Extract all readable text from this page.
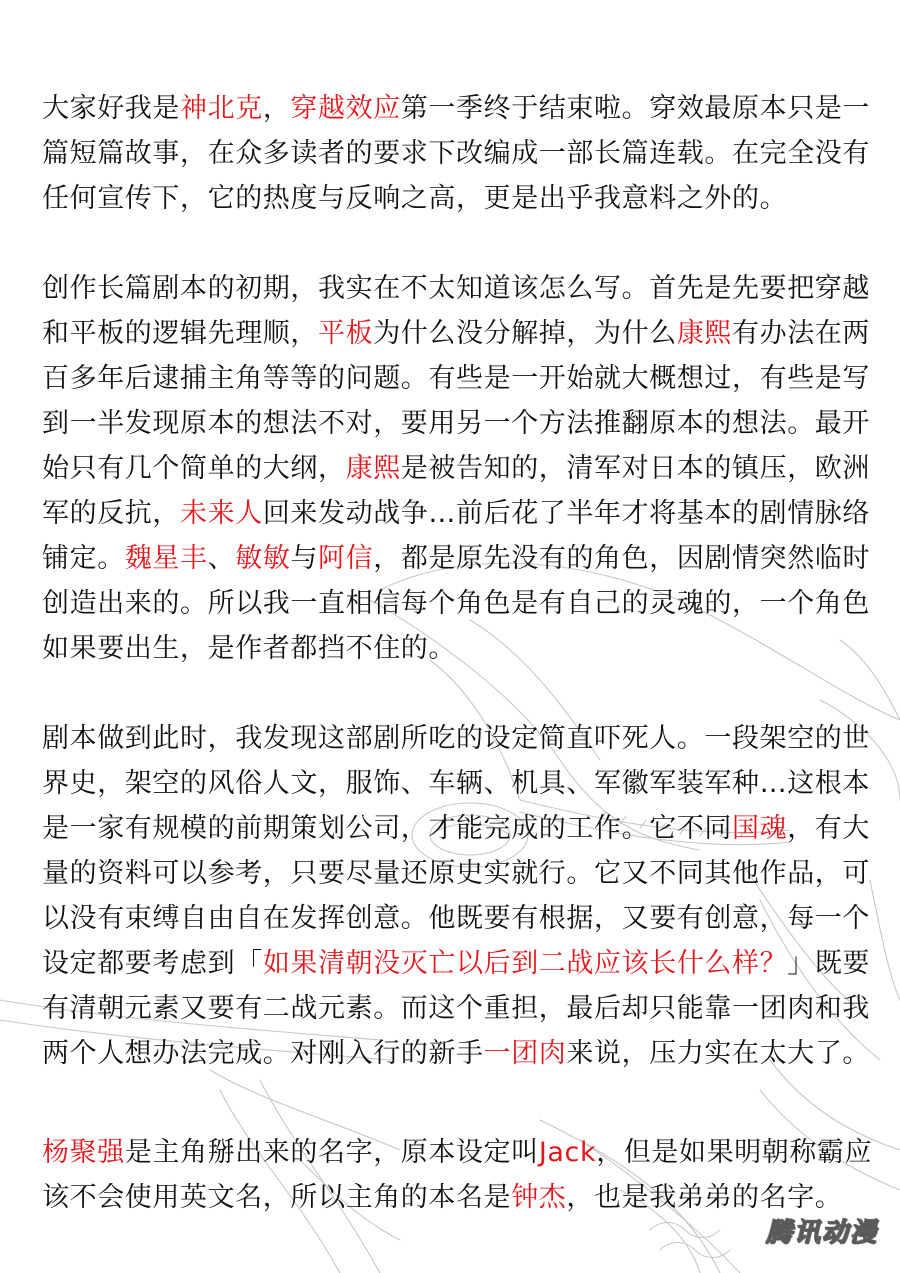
大家好我是神北克，穿越效应第一季终于结束啦。穿效最原本只是一
篇短篇故事，在众多读者的要求下改编成一部长篇连载。在完全没有
任何宣传下，它的热度与反响之高，更是出乎我意料之外的。
创作长篇剧本的初期，我实在不太知道该怎么写。首先是先要把穿越
和平板的逻辑先理顺，平板为什么没分解掉，为什么康熙有办法在两
百多年后逮捕主角等等的问题。有些是一开始就大概想过，有些是写
到一半发现原本的想法不对，要用另一个方法推翻原本的想法。最开
始只有几个简单的大纲，康熙是被告知的，清军对日本的镇压，欧洲
军的反抗，未来人回来发动战争…前后花了半年才将基本的剧情脉络
铺定。魏星丰、敏敏与阿信，都是原先没有的角色，因剧情突然临时
创造出来的。所以我一直相信每个角色是有自己的灵魂的，一个角色
如果要出生，是作者都挡不住的。
剧本做到此时，我发现这部剧所吃的设定简直吓死人。一段架空的世
界史，架空的风俗人文，服饰、车辆、机具、军徽军装军种…这根本
是一家有规模的前期策划公司，才能完成的工作。它不同国魂，有大
量的资料可以参考，只要尽量还原史实就行。它又不同其他作品，可
以没有束缚自由自在发挥创意。他既要有根据，又要有创意，每一个
设定都要考虑到「如果清朝没灭亡以后到二战应该长什么样？」既要
有清朝元素又要有二战元素。而这个重担，最后却只能靠一团肉和我
两个人想办法完成。对刚入行的新手一团肉来说，压力实在太大了。
杨聚强是主角掰出来的名字，原本设定叫Jack，但是如果明朝称霸应
该不会使用英文名，所以主角的本名是钟杰，也是我弟弟的名字。
腾讯动漫
